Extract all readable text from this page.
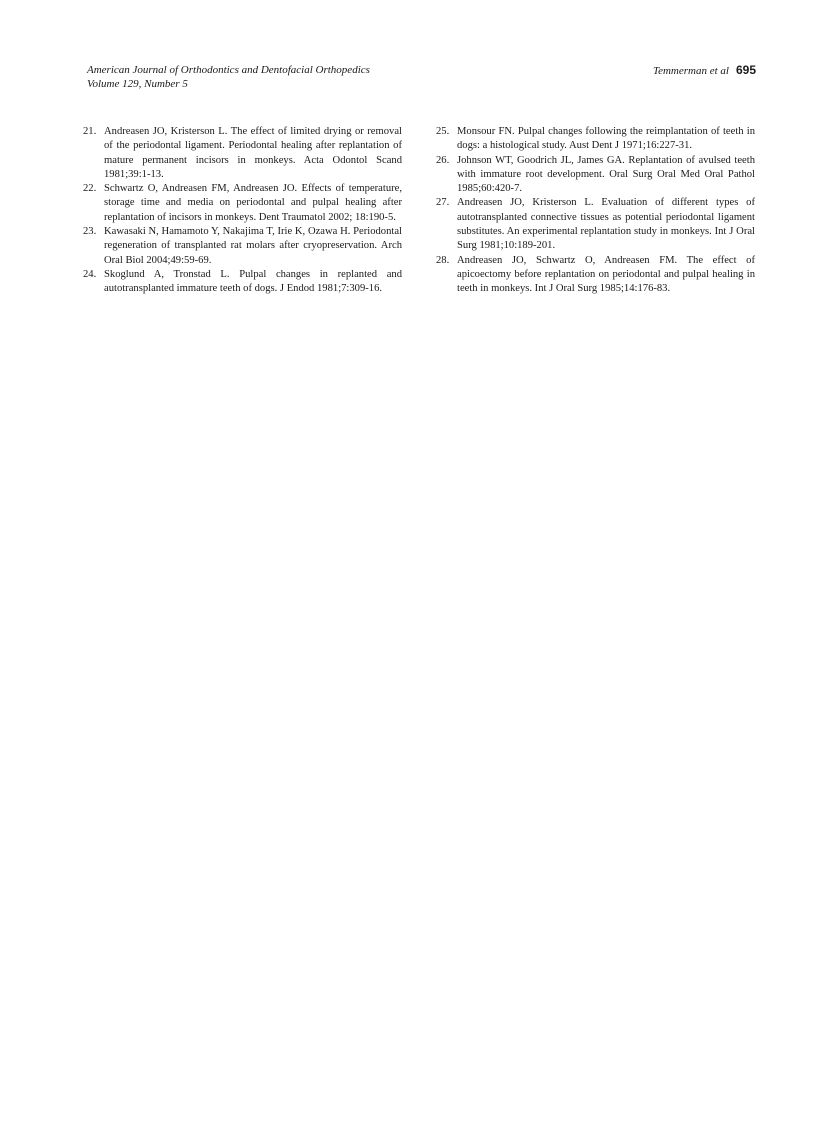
American Journal of Orthodontics and Dentofacial Orthopedics
Volume 129, Number 5
Temmerman et al 695
21. Andreasen JO, Kristerson L. The effect of limited drying or removal of the periodontal ligament. Periodontal healing after replantation of mature permanent incisors in monkeys. Acta Odontol Scand 1981;39:1-13.
22. Schwartz O, Andreasen FM, Andreasen JO. Effects of temperature, storage time and media on periodontal and pulpal healing after replantation of incisors in monkeys. Dent Traumatol 2002; 18:190-5.
23. Kawasaki N, Hamamoto Y, Nakajima T, Irie K, Ozawa H. Periodontal regeneration of transplanted rat molars after cryopreservation. Arch Oral Biol 2004;49:59-69.
24. Skoglund A, Tronstad L. Pulpal changes in replanted and autotransplanted immature teeth of dogs. J Endod 1981;7:309-16.
25. Monsour FN. Pulpal changes following the reimplantation of teeth in dogs: a histological study. Aust Dent J 1971;16:227-31.
26. Johnson WT, Goodrich JL, James GA. Replantation of avulsed teeth with immature root development. Oral Surg Oral Med Oral Pathol 1985;60:420-7.
27. Andreasen JO, Kristerson L. Evaluation of different types of autotransplanted connective tissues as potential periodontal ligament substitutes. An experimental replantation study in monkeys. Int J Oral Surg 1981;10:189-201.
28. Andreasen JO, Schwartz O, Andreasen FM. The effect of apicoectomy before replantation on periodontal and pulpal healing in teeth in monkeys. Int J Oral Surg 1985;14:176-83.
